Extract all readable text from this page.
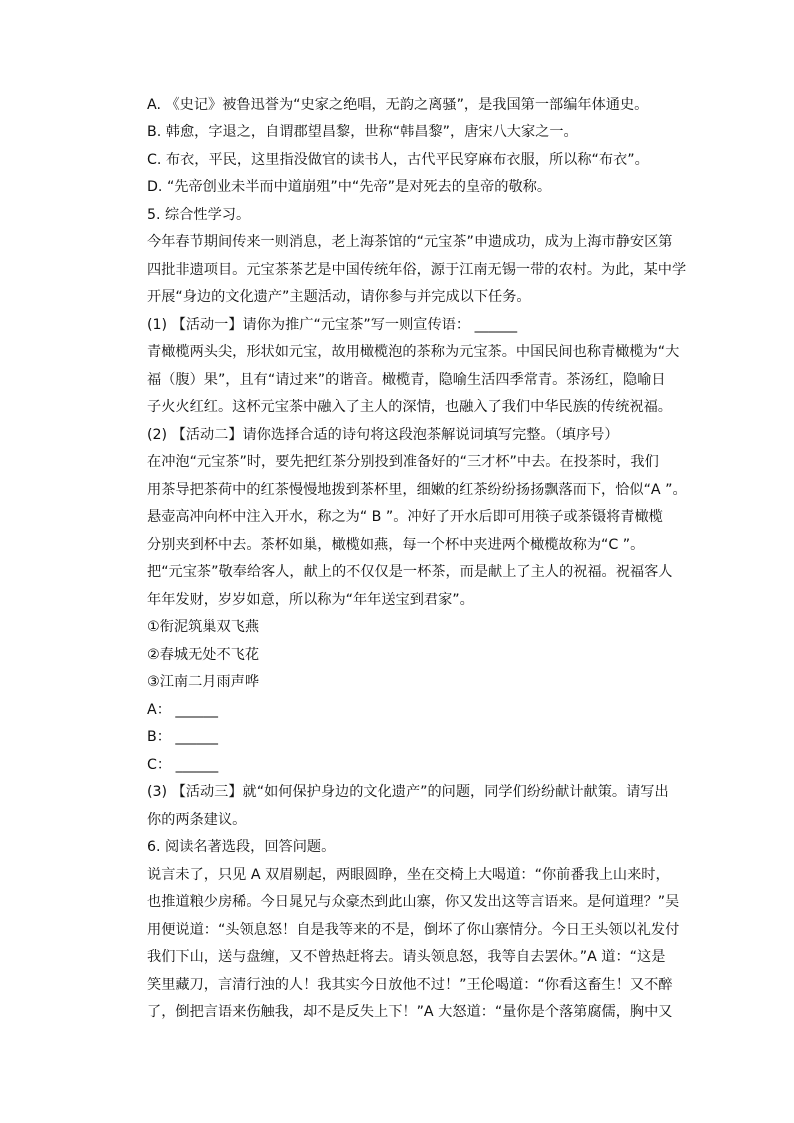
A. 《史记》被鲁迅誉为“史家之绝唱，无韵之离骚”，是我国第一部编年体通史。
B. 韩愈，字退之，自谓郡望昌黎，世称“韩昌黎”，唐宋八大家之一。
C. 布衣，平民，这里指没做官的读书人，古代平民穿麻布衣服，所以称“布衣”。
D. “先帝创业未半而中道崩殂”中“先帝”是对死去的皇帝的敬称。
5. 综合性学习。
今年春节期间传来一则消息，老上海茶馆的“元宝茶”申遗成功，成为上海市静安区第
四批非遗项目。元宝茶茶艺是中国传统年俗，源于江南无锡一带的农村。为此，某中学
开展“身边的文化遗产”主题活动，请你参与并完成以下任务。
(1) 【活动一】请你为推广“元宝茶”写一则宣传语： ______
青橄榄两头尖，形状如元宝，故用橄榄泡的茶称为元宝茶。中国民间也称青橄榄为“大
福（腹）果”，且有“请过来”的谐音。橄榄青，隐喻生活四季常青。茶汤红，隐喻日
子火火红红。这杯元宝茶中融入了主人的深情，也融入了我们中华民族的传统祝福。
(2) 【活动二】请你选择合适的诗句将这段泡茶解说词填写完整。（填序号）
在冲泡“元宝茶”时，要先把红茶分别投到准备好的“三才杯”中去。在投茶时，我们
用茶导把茶荷中的红茶慢慢地拨到茶杯里，细嫩的红茶纷纷扬扬飘落而下，恰似“A ”。
悬壶高冲向杯中注入开水，称之为“ B ”。冲好了开水后即可用筷子或茶镊将青橄榄
分别夹到杯中去。茶杯如巢，橄榄如燕，每一个杯中夹进两个橄榄故称为“C ”。
把“元宝茶”敬奉给客人，献上的不仅仅是一杯茶，而是献上了主人的祝福。祝福客人
年年发财，岁岁如意，所以称为“年年送宝到君家”。
①衔泥筑巢双飞燕
②春城无处不飞花
③江南二月雨声哗
A： ______
B： ______
C： ______
(3) 【活动三】就“如何保护身边的文化遗产”的问题，同学们纷纷献计献策。请写出
你的两条建议。
6. 阅读名著选段，回答问题。
说言未了，只见 A 双眉剔起，两眼圆睁，坐在交椅上大喝道：“你前番我上山来时，
也推道粮少房稀。今日晁兄与众豪杰到此山寨，你又发出这等言语来。是何道理？”吴
用便说道：“头领息怒！自是我等来的不是，倒坏了你山寨情分。今日王头领以礼发付
我们下山，送与盘缠，又不曾热赶将去。请头领息怒，我等自去罢休。”A 道：“这是
笑里藏刀，言清行浊的人！我其实今日放他不过！”王伦喝道：“你看这畜生！又不醉
了，倒把言语来伤触我，却不是反失上下！”A 大怒道：“量你是个落第腐儒，胸中又
